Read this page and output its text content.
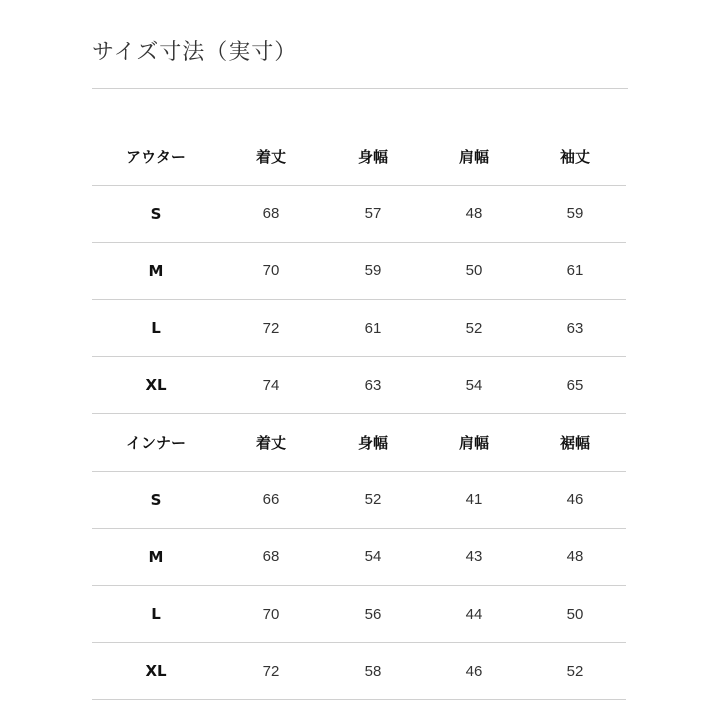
サイズ寸法（実寸）
アウター	着丈	身幅	肩幅	袖丈
S	68	57	48	59
M	70	59	50	61
L	72	61	52	63
XL	74	63	54	65
インナー	着丈	身幅	肩幅	裾幅
S	66	52	41	46
M	68	54	43	48
L	70	56	44	50
XL	72	58	46	52
